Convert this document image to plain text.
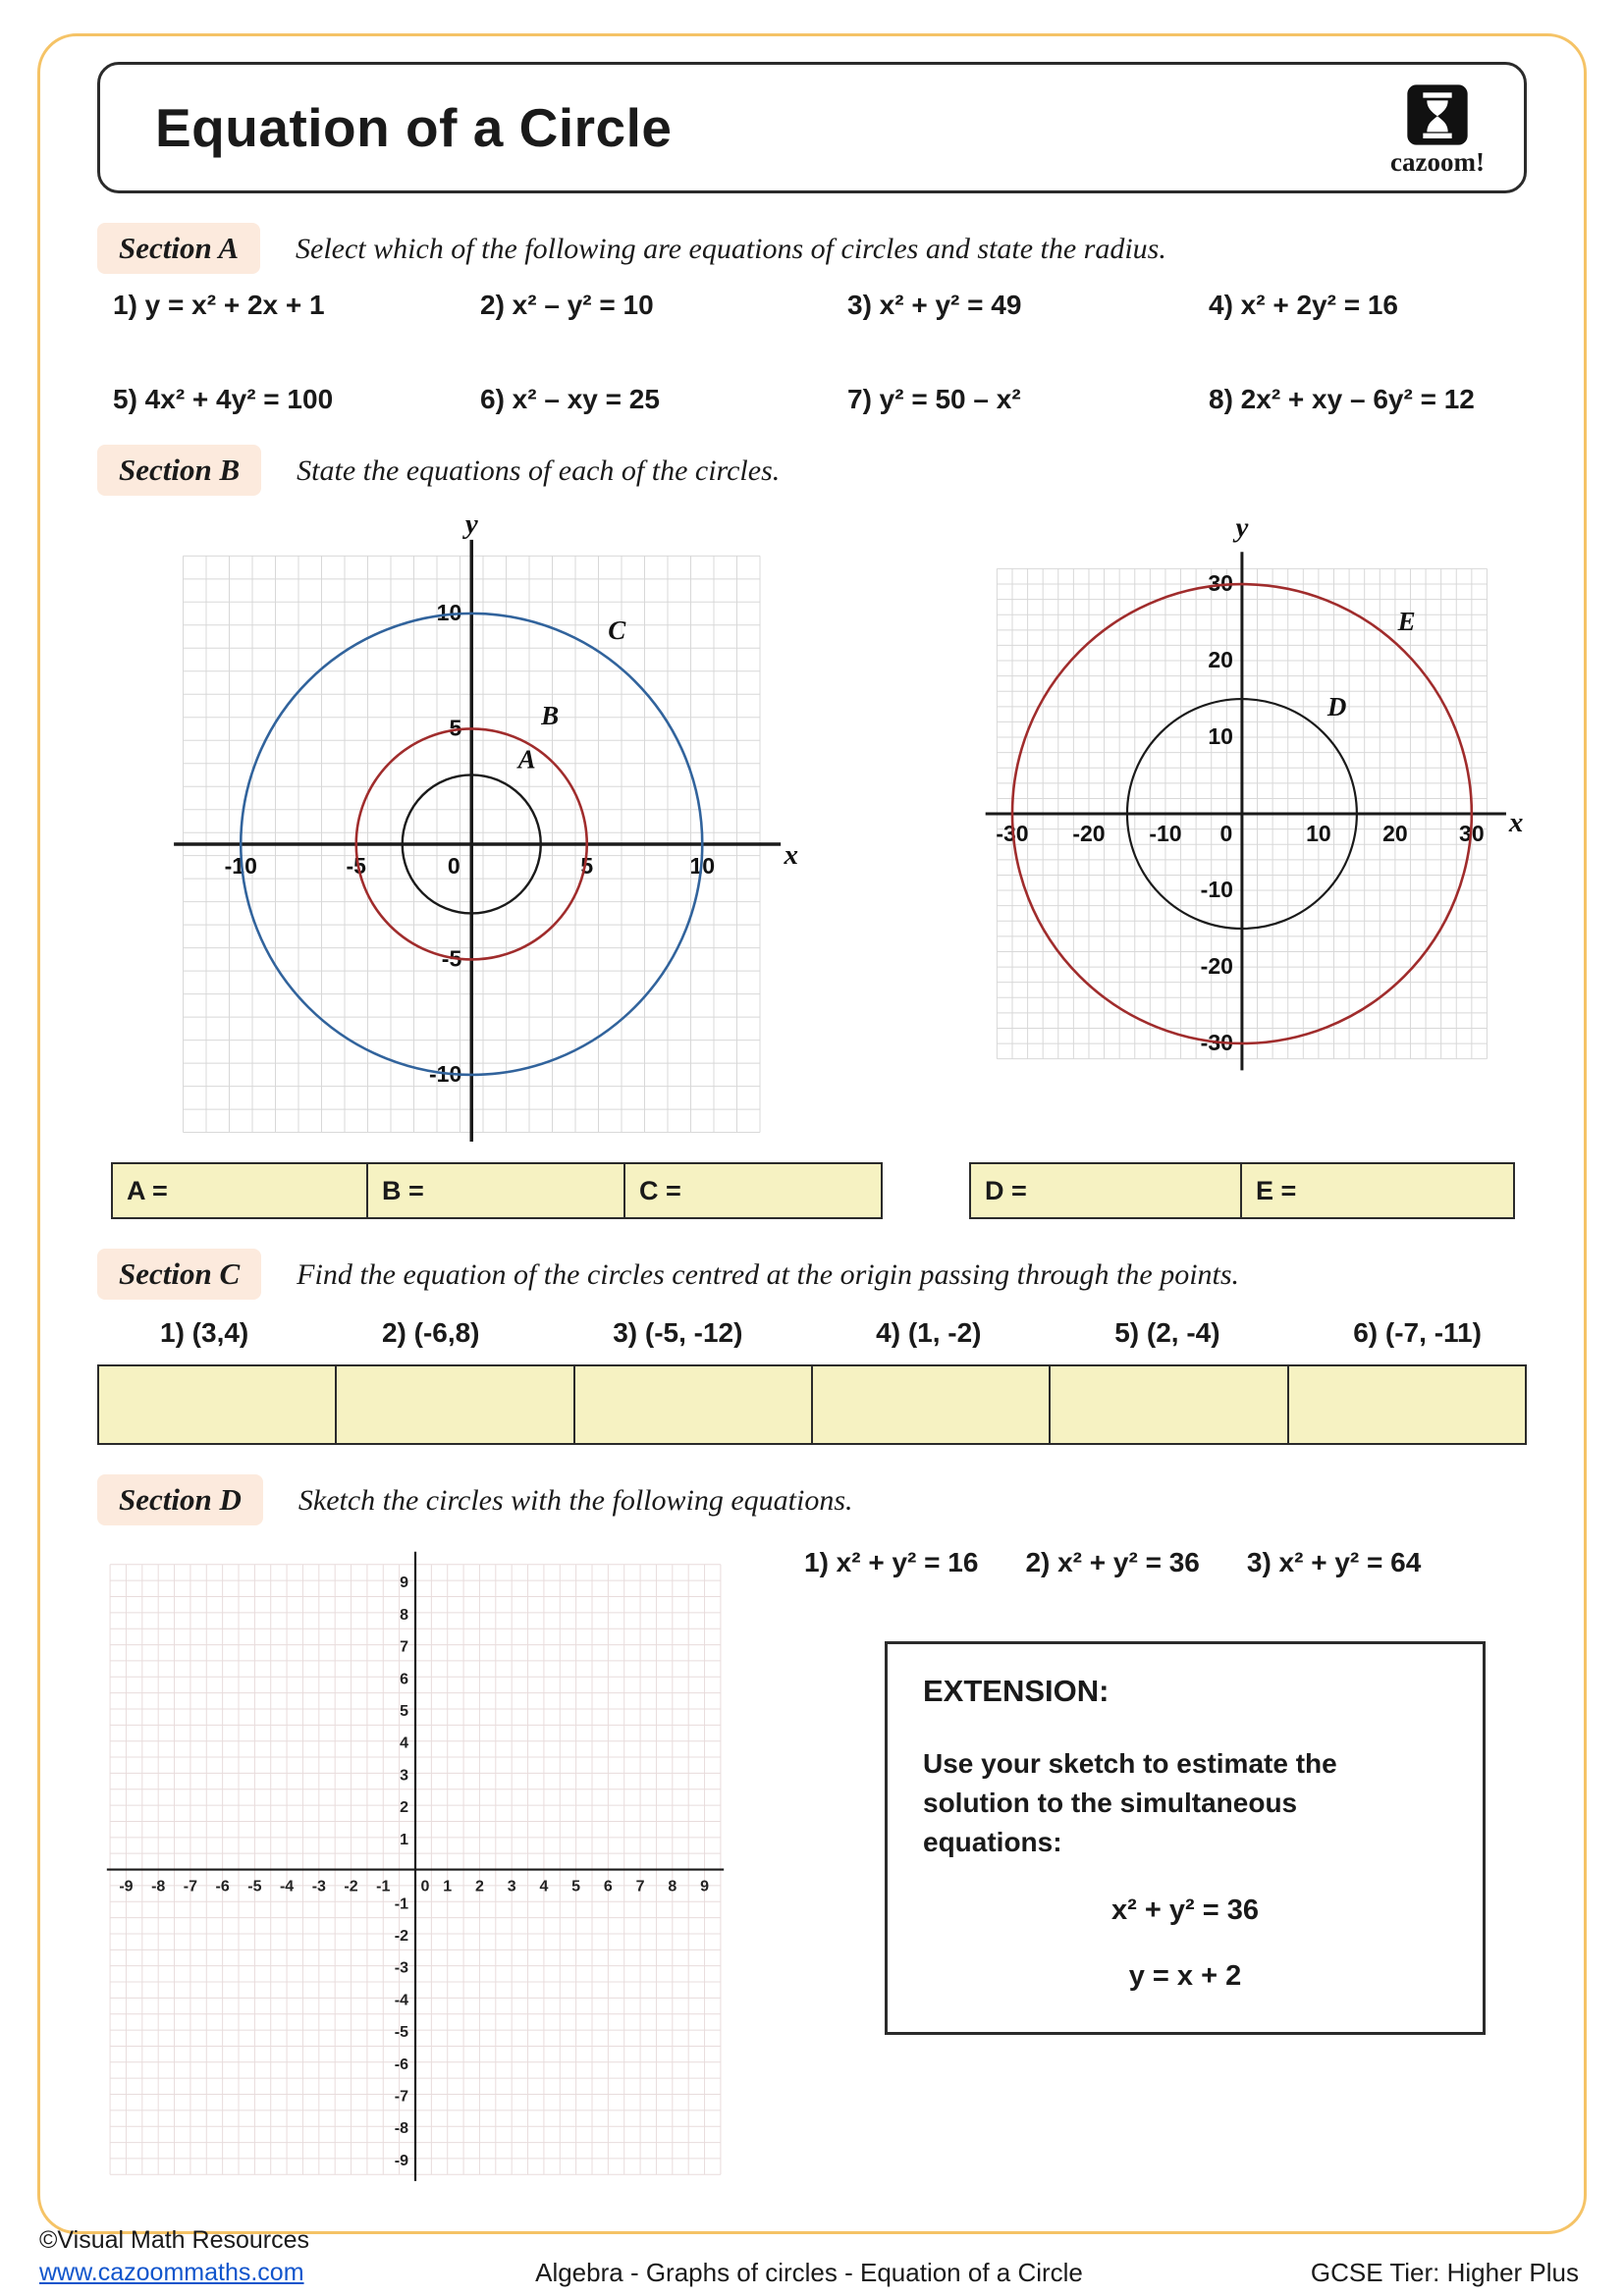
Equation of a Circle
cazoom!
Section A	Select which of the following are equations of circles and state the radius.
1) y = x² + 2x + 1	2) x² – y² = 10	3) x² + y² = 49	4) x² + 2y² = 16
5) 4x² + 4y² = 100	6) x² – xy = 25	7) y² = 50 – x²	8) 2x² + xy – 6y² = 12
Section B	State the equations of each of the circles.
x
y
-10	-5	0	5	10
10
5
-5
-10
C
B
A
x
y
-30 -20 -10 0	10 20 30
30
20
10
-10
-20
-30
E
D
A =	B =	C =	D =	E =
Section C	Find the equation of the circles centred at the origin passing through the points.
1) (3,4)	2) (-6,8)	3) (-5, -12)	4) (1, -2)	5) (2, -4)	6) (-7, -11)
Section D	Sketch the circles with the following equations.
-9 -8 -7 -6 -5 -4 -3 -2 -1 0 1 2 3 4 5 6 7 8 9
9
8
7
6
5
4
3
2
1
-1
-2
-3
-4
-5
-6
-7
-8
-9
1) x² + y² = 16 2) x² + y² = 36 3) x² + y² = 64

EXTENSION:

Use your sketch to estimate the solution to the simultaneous equations:

x² + y² = 36

y = x + 2

©Visual Math Resources
www.cazoommaths.com	Algebra - Graphs of circles - Equation of a Circle	GCSE Tier: Higher Plus
